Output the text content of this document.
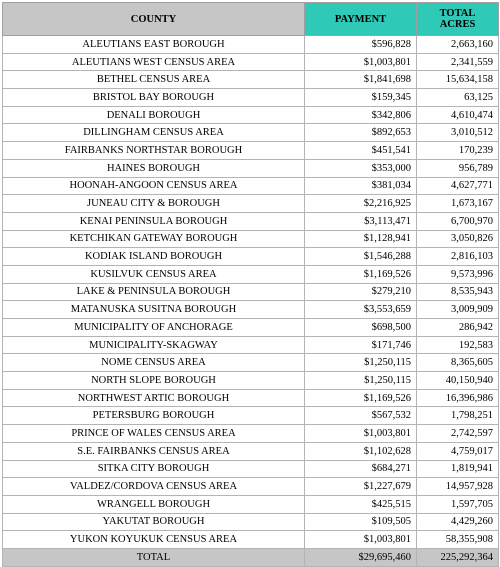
COUNTY	PAYMENT	TOTAL
ACRES
ALEUTIANS EAST BOROUGH	$596,828	2,663,160
ALEUTIANS WEST CENSUS AREA	$1,003,801	2,341,559
BETHEL CENSUS AREA	$1,841,698	15,634,158
BRISTOL BAY BOROUGH	$159,345	63,125
DENALI BOROUGH	$342,806	4,610,474
DILLINGHAM CENSUS AREA	$892,653	3,010,512
FAIRBANKS NORTHSTAR BOROUGH	$451,541	170,239
HAINES BOROUGH	$353,000	956,789
HOONAH-ANGOON CENSUS AREA	$381,034	4,627,771
JUNEAU CITY & BOROUGH	$2,216,925	1,673,167
KENAI PENINSULA BOROUGH	$3,113,471	6,700,970
KETCHIKAN GATEWAY BOROUGH	$1,128,941	3,050,826
KODIAK ISLAND BOROUGH	$1,546,288	2,816,103
KUSILVUK CENSUS AREA	$1,169,526	9,573,996
LAKE & PENINSULA BOROUGH	$279,210	8,535,943
MATANUSKA SUSITNA BOROUGH	$3,553,659	3,009,909
MUNICIPALITY OF ANCHORAGE	$698,500	286,942
MUNICIPALITY-SKAGWAY	$171,746	192,583
NOME CENSUS AREA	$1,250,115	8,365,605
NORTH SLOPE BOROUGH	$1,250,115	40,150,940
NORTHWEST ARTIC BOROUGH	$1,169,526	16,396,986
PETERSBURG BOROUGH	$567,532	1,798,251
PRINCE OF WALES CENSUS AREA	$1,003,801	2,742,597
S.E. FAIRBANKS CENSUS AREA	$1,102,628	4,759,017
SITKA CITY BOROUGH	$684,271	1,819,941
VALDEZ/CORDOVA CENSUS AREA	$1,227,679	14,957,928
WRANGELL BOROUGH	$425,515	1,597,705
YAKUTAT BOROUGH	$109,505	4,429,260
YUKON KOYUKUK CENSUS AREA	$1,003,801	58,355,908
TOTAL	$29,695,460	225,292,364
